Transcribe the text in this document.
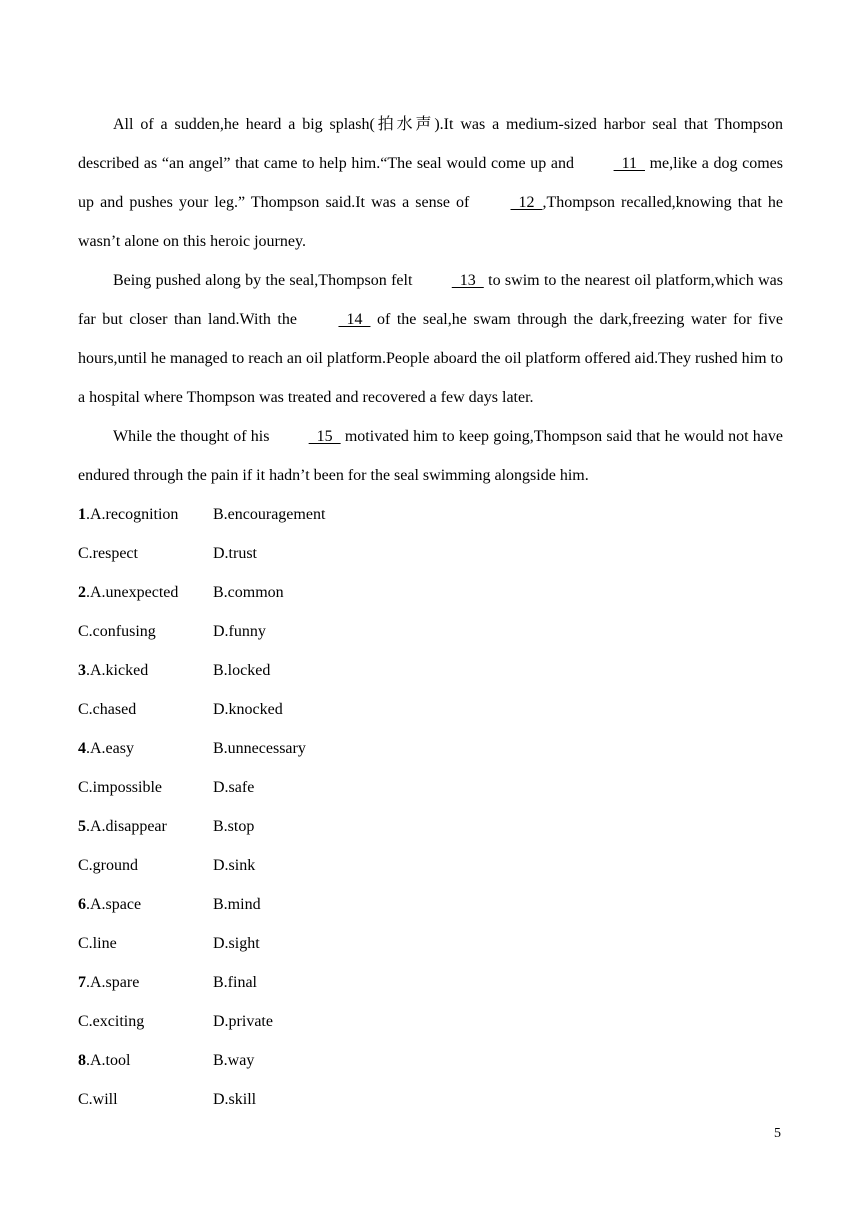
All of a sudden,he heard a big splash(拍水声).It was a medium-sized harbor seal that Thompson described as “an angel” that came to help him.“The seal would come up and   11   me,like a dog comes up and pushes your leg.” Thompson said.It was a sense of   12  ,Thompson recalled,knowing that he wasn’t alone on this heroic journey.

Being pushed along by the seal,Thompson felt   13   to swim to the nearest oil platform,which was far but closer than land.With the   14   of the seal,he swam through the dark,freezing water for five hours,until he managed to reach an oil platform.People aboard the oil platform offered aid.They rushed him to a hospital where Thompson was treated and recovered a few days later.

While the thought of his   15   motivated him to keep going,Thompson said that he would not have endured through the pain if it hadn’t been for the seal swimming alongside him.

1.A.recognition	B.encouragement
C.respect	D.trust
2.A.unexpected	B.common
C.confusing	D.funny
3.A.kicked	B.locked
C.chased	D.knocked
4.A.easy	B.unnecessary
C.impossible	D.safe
5.A.disappear	B.stop
C.ground	D.sink
6.A.space	B.mind
C.line	D.sight
7.A.spare	B.final
C.exciting	D.private
8.A.tool	B.way
C.will	D.skill
5
